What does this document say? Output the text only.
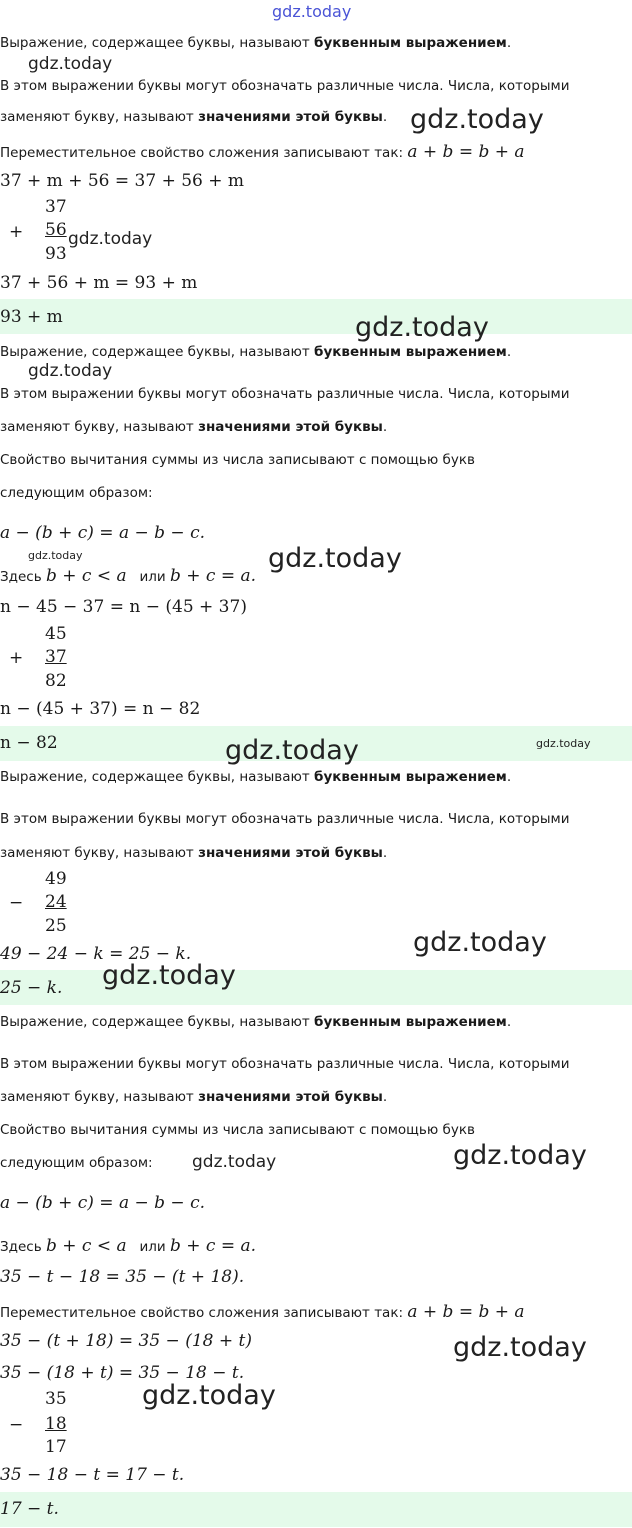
gdz.today
Выражение, содержащее буквы, называют буквенным выражением.
gdz.today
В этом выражении буквы могут обозначать различные числа. Числа, которыми
заменяют букву, называют значениями этой буквы. gdz.today
Переместительное свойство сложения записывают так: a + b = b + a
37 + m + 56 = 37 + 56 + m
37
+ 56 gdz.today
93
37 + 56 + m = 93 + m
93 + m	gdz.today
Выражение, содержащее буквы, называют буквенным выражением.
gdz.today
В этом выражении буквы могут обозначать различные числа. Числа, которыми
заменяют букву, называют значениями этой буквы.
Свойство вычитания суммы из числа записывают с помощью букв
следующим образом:
a − (b + c) = a − b − c.
gdz.today
Здесь b + c < a или b + c = a.
gdz.today
n − 45 − 37 = n − (45 + 37)
45
+ 37
82
n − (45 + 37) = n − 82
n − 82	gdz.today	gdz.today
Выражение, содержащее буквы, называют буквенным выражением.
В этом выражении буквы могут обозначать различные числа. Числа, которыми
заменяют букву, называют значениями этой буквы.
49
− 24
25
49 − 24 − k = 25 − k.	gdz.today
25 − k. gdz.today
Выражение, содержащее буквы, называют буквенным выражением.
В этом выражении буквы могут обозначать различные числа. Числа, которыми
заменяют букву, называют значениями этой буквы.
Свойство вычитания суммы из числа записывают с помощью букв
следующим образом: gdz.today	gdz.today
a − (b + c) = a − b − c.
Здесь b + c < a или b + c = a.
35 − t − 18 = 35 − (t + 18).
Переместительное свойство сложения записывают так: a + b = b + a
35 − (t + 18) = 35 − (18 + t)	gdz.today
35 − (18 + t) = 35 − 18 − t.
35	gdz.today
− 18
17
35 − 18 − t = 17 − t.
17 − t.
